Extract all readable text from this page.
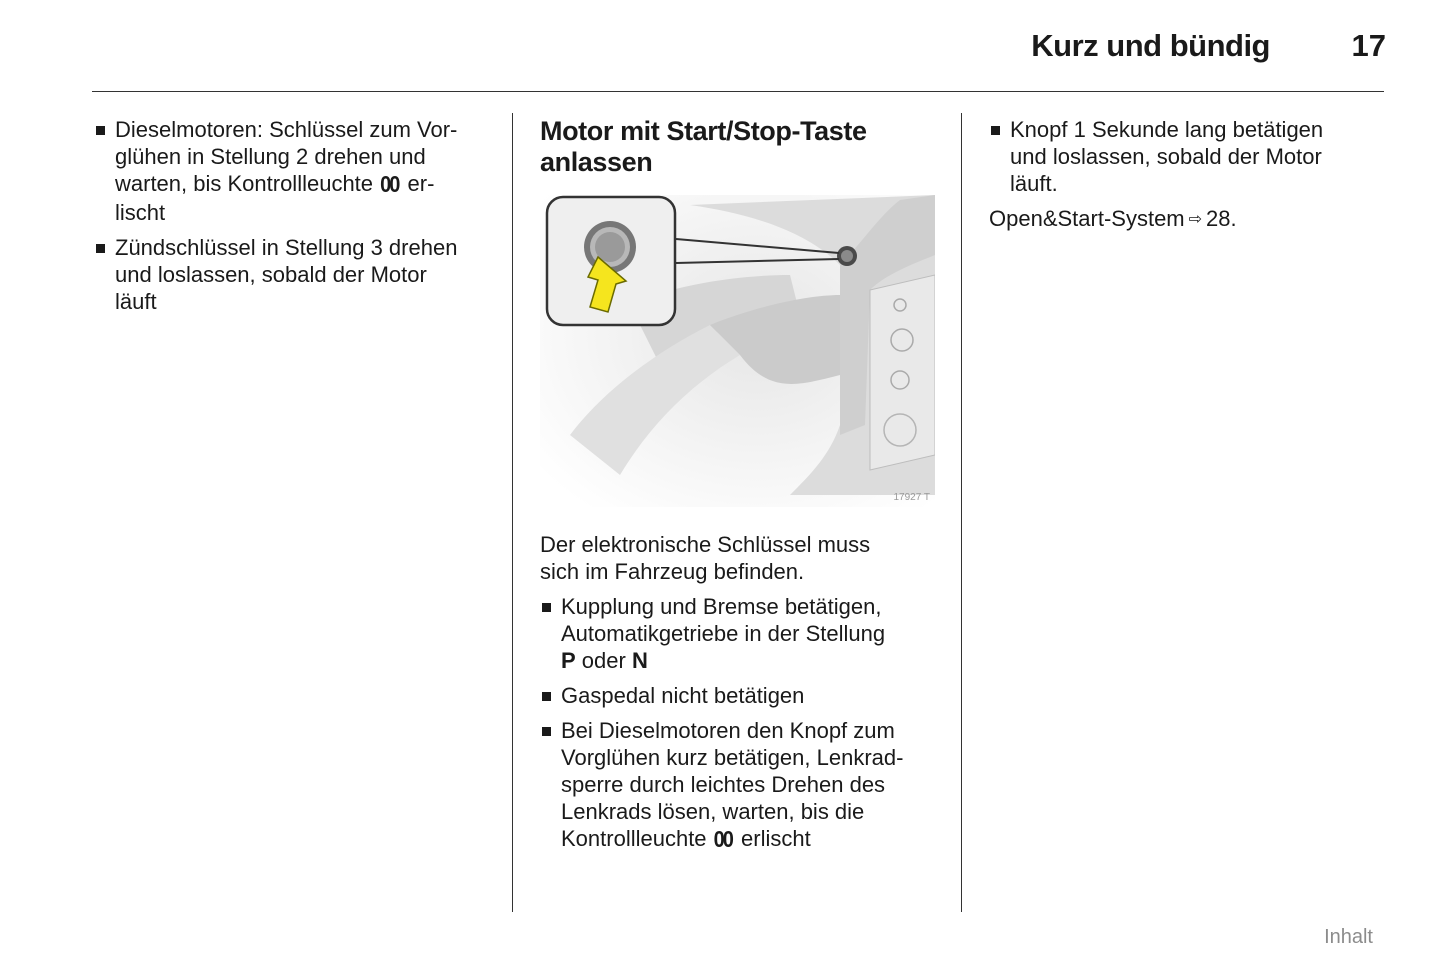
Kurz und bündig	17
Dieselmotoren: Schlüssel zum Vor-
glühen in Stellung 2 drehen und
warten, bis Kontrollleuchte 00 er-
lischt
Zündschlüssel in Stellung 3 drehen
und loslassen, sobald der Motor
läuft
Motor mit Start/Stop-Taste
anlassen
17927 T

Der elektronische Schlüssel muss
sich im Fahrzeug befinden.

Kupplung und Bremse betätigen,
Automatikgetriebe in der Stellung
P oder N
Gaspedal nicht betätigen
Bei Dieselmotoren den Knopf zum
Vorglühen kurz betätigen, Lenkrad-
sperre durch leichtes Drehen des
Lenkrads lösen, warten, bis die
Kontrollleuchte 00 erlischt
Knopf 1 Sekunde lang betätigen
und loslassen, sobald der Motor
läuft.

Open&Start-System ⇨ 28.

Inhalt
